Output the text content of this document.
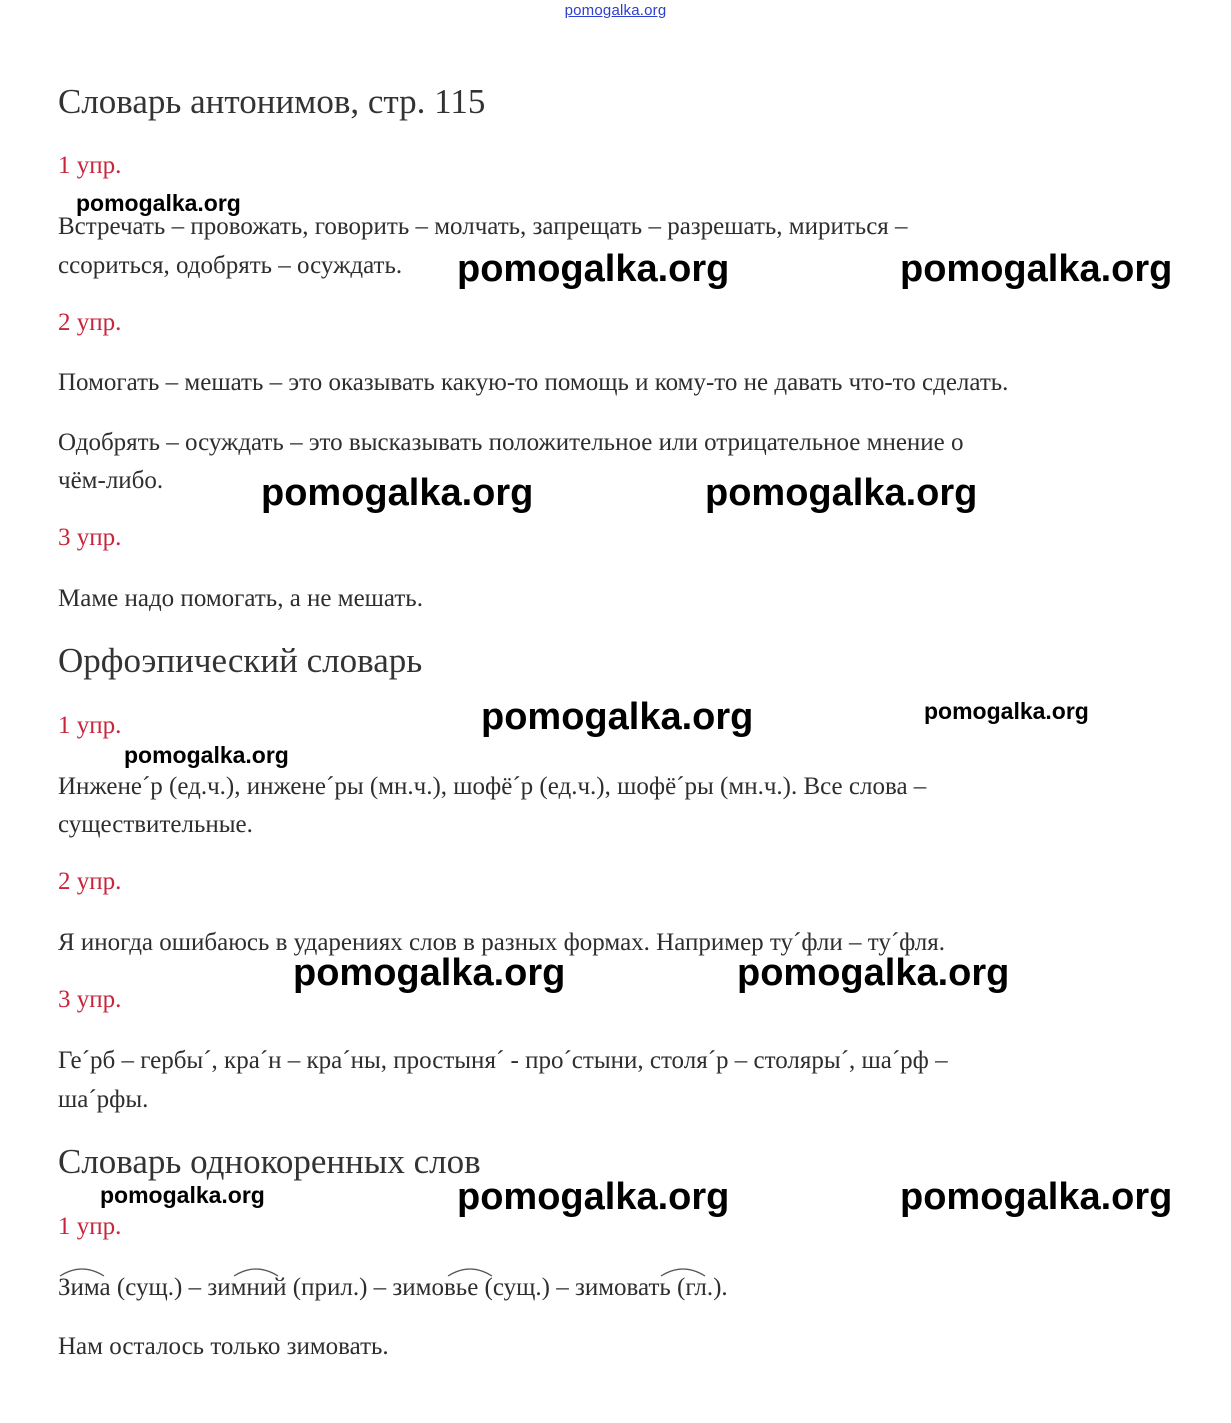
pomogalka.org
Словарь антонимов, стр. 115
1 упр.
Встречать – провожать, говорить – молчать, запрещать – разрешать, мириться –
ссориться, одобрять – осуждать.
2 упр.
Помогать – мешать – это оказывать какую-то помощь и кому-то не давать что-то сделать.
Одобрять – осуждать – это высказывать положительное или отрицательное мнение о
чём-либо.
3 упр.
Маме надо помогать, а не мешать.
Орфоэпический словарь
1 упр.
Инжене´р (ед.ч.), инжене´ры (мн.ч.), шофё´р (ед.ч.), шофё´ры (мн.ч.). Все слова –
существительные.
2 упр.
Я иногда ошибаюсь в ударениях слов в разных формах. Например ту´фли – ту´фля.
3 упр.
Ге´рб – гербы´, кра´н – кра´ны, простыня´ - про´стыни, столя´р – столяры´, ша´рф –
ша´рфы.
Словарь однокоренных слов
1 упр.
Зима (сущ.) – зимний (прил.) – зимовье (сущ.) – зимовать (гл.).
Нам осталось только зимовать.
pomogalka.org
pomogalka.org	pomogalka.org
pomogalka.org	pomogalka.org
pomogalka.org	pomogalka.org
pomogalka.org
pomogalka.org	pomogalka.org
pomogalka.org	pomogalka.org	pomogalka.org
